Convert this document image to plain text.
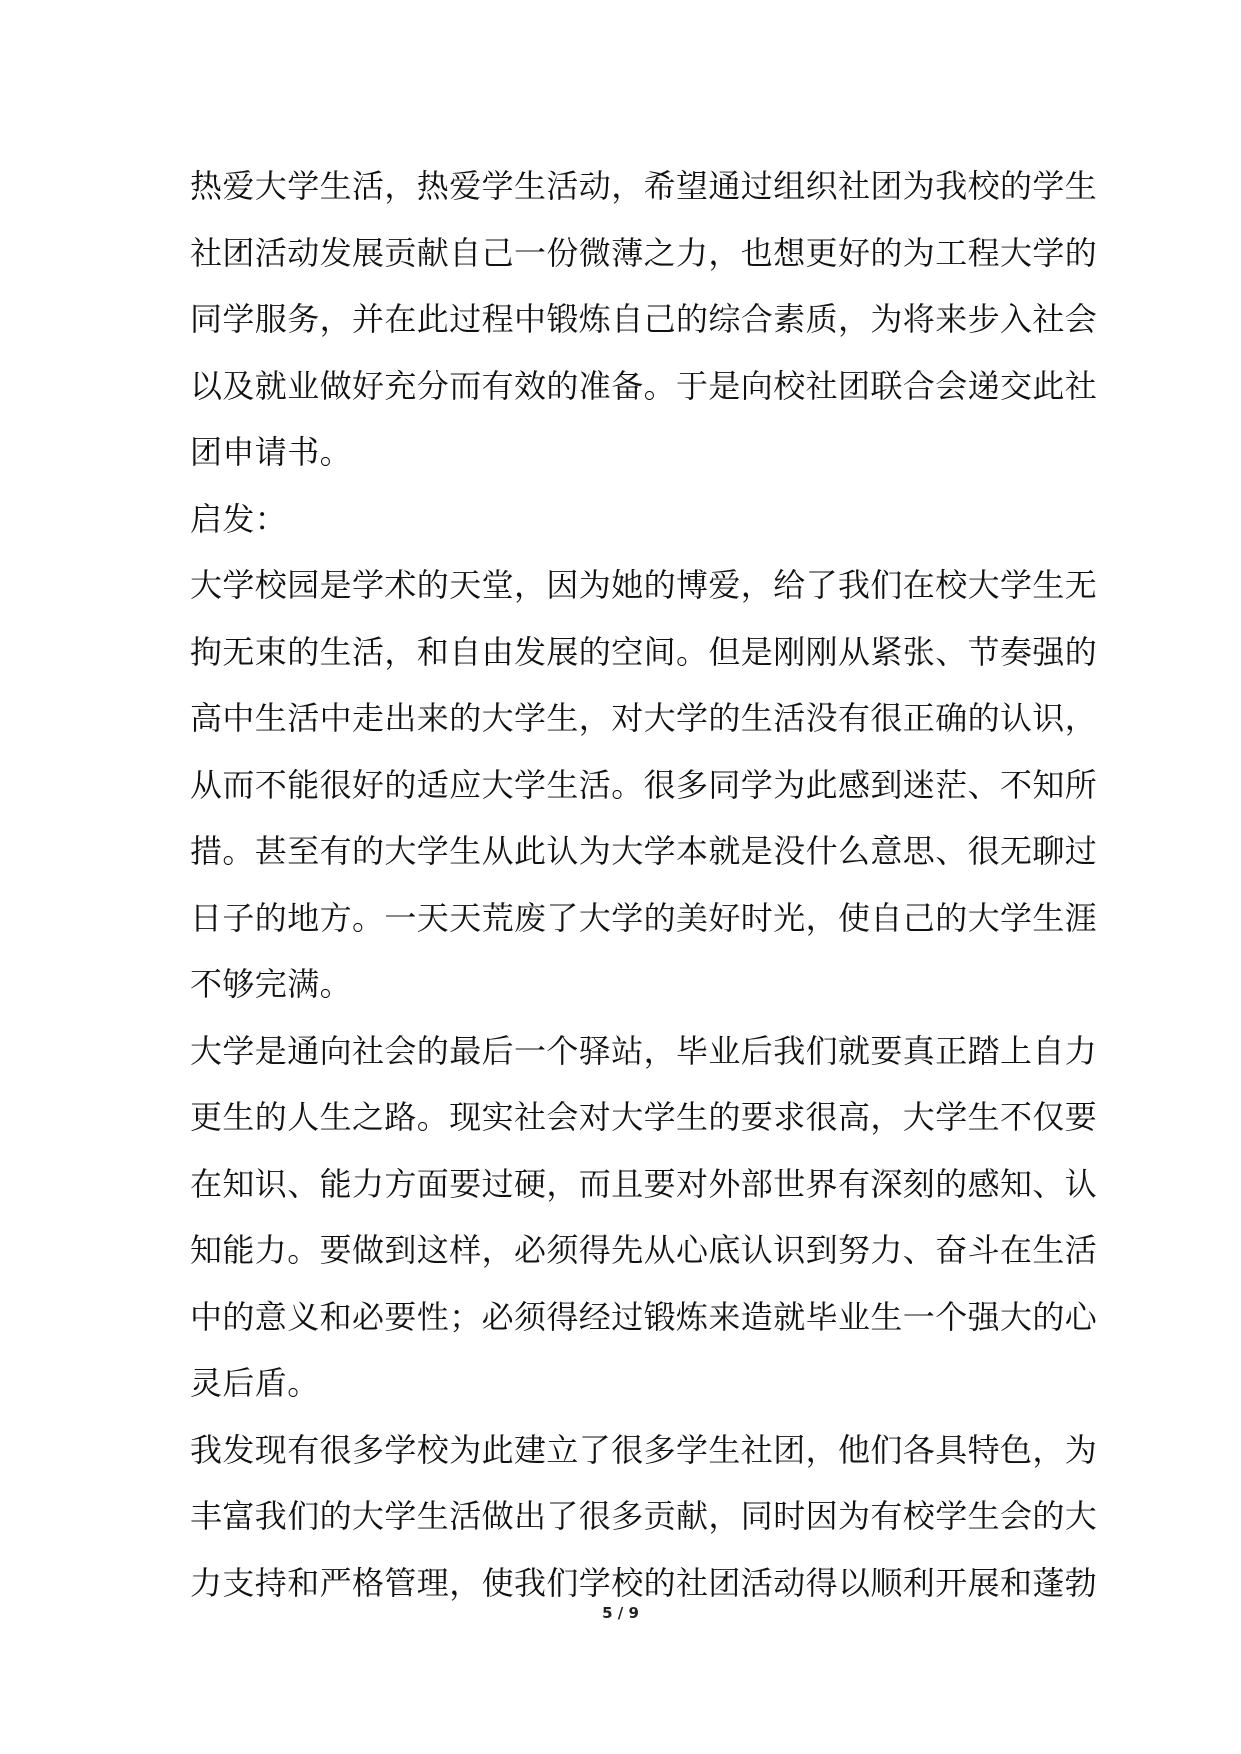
热爱大学生活，热爱学生活动，希望通过组织社团为我校的学生
社团活动发展贡献自己一份微薄之力，也想更好的为工程大学的
同学服务，并在此过程中锻炼自己的综合素质，为将来步入社会
以及就业做好充分而有效的准备。于是向校社团联合会递交此社
团申请书。
启发：
大学校园是学术的天堂，因为她的博爱，给了我们在校大学生无
拘无束的生活，和自由发展的空间。但是刚刚从紧张、节奏强的
高中生活中走出来的大学生，对大学的生活没有很正确的认识，
从而不能很好的适应大学生活。很多同学为此感到迷茫、不知所
措。甚至有的大学生从此认为大学本就是没什么意思、很无聊过
日子的地方。一天天荒废了大学的美好时光，使自己的大学生涯
不够完满。
大学是通向社会的最后一个驿站，毕业后我们就要真正踏上自力
更生的人生之路。现实社会对大学生的要求很高，大学生不仅要
在知识、能力方面要过硬，而且要对外部世界有深刻的感知、认
知能力。要做到这样，必须得先从心底认识到努力、奋斗在生活
中的意义和必要性；必须得经过锻炼来造就毕业生一个强大的心
灵后盾。
我发现有很多学校为此建立了很多学生社团，他们各具特色，为
丰富我们的大学生活做出了很多贡献，同时因为有校学生会的大
力支持和严格管理，使我们学校的社团活动得以顺利开展和蓬勃
5 / 9
